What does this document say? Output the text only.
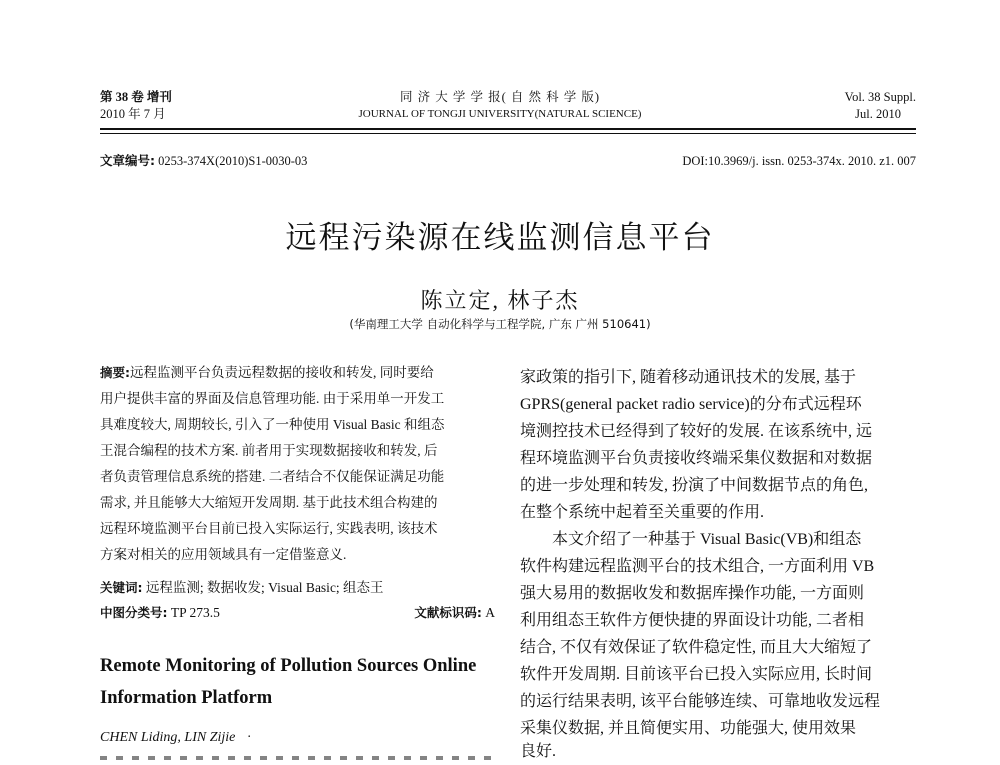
第 38 卷 增刊
2010 年 7 月
同 济 大 学 学 报( 自 然 科 学 版)
JOURNAL OF TONGJI UNIVERSITY(NATURAL SCIENCE)
Vol. 38 Suppl.
Jul. 2010
文章编号: 0253-374X(2010)S1-0030-03	DOI:10.3969/j. issn. 0253-374x. 2010. z1. 007
远程污染源在线监测信息平台
陈立定, 林子杰
(华南理工大学 自动化科学与工程学院, 广东 广州 510641)
摘要:远程监测平台负责远程数据的接收和转发, 同时要给
用户提供丰富的界面及信息管理功能. 由于采用单一开发工
具难度较大, 周期较长, 引入了一种使用 Visual Basic 和组态
王混合编程的技术方案. 前者用于实现数据接收和转发, 后
者负责管理信息系统的搭建. 二者结合不仅能保证满足功能
需求, 并且能够大大缩短开发周期. 基于此技术组合构建的
远程环境监测平台目前已投入实际运行, 实践表明, 该技术
方案对相关的应用领域具有一定借鉴意义.
关键词: 远程监测; 数据收发; Visual Basic; 组态王
中图分类号: TP 273.5	文献标识码: A
Remote Monitoring of Pollution Sources Online
Information Platform
CHEN Liding, LIN Zijie ·
家政策的指引下, 随着移动通讯技术的发展, 基于
GPRS(general packet radio service)的分布式远程环
境测控技术已经得到了较好的发展. 在该系统中, 远
程环境监测平台负责接收终端采集仪数据和对数据
的进一步处理和转发, 扮演了中间数据节点的角色,
在整个系统中起着至关重要的作用.
本文介绍了一种基于 Visual Basic(VB)和组态
软件构建远程监测平台的技术组合, 一方面利用 VB
强大易用的数据收发和数据库操作功能, 一方面则
利用组态王软件方便快捷的界面设计功能, 二者相
结合, 不仅有效保证了软件稳定性, 而且大大缩短了
软件开发周期. 目前该平台已投入实际应用, 长时间
的运行结果表明, 该平台能够连续、可靠地收发远程
采集仪数据, 并且简便实用、功能强大, 使用效果
良好.
